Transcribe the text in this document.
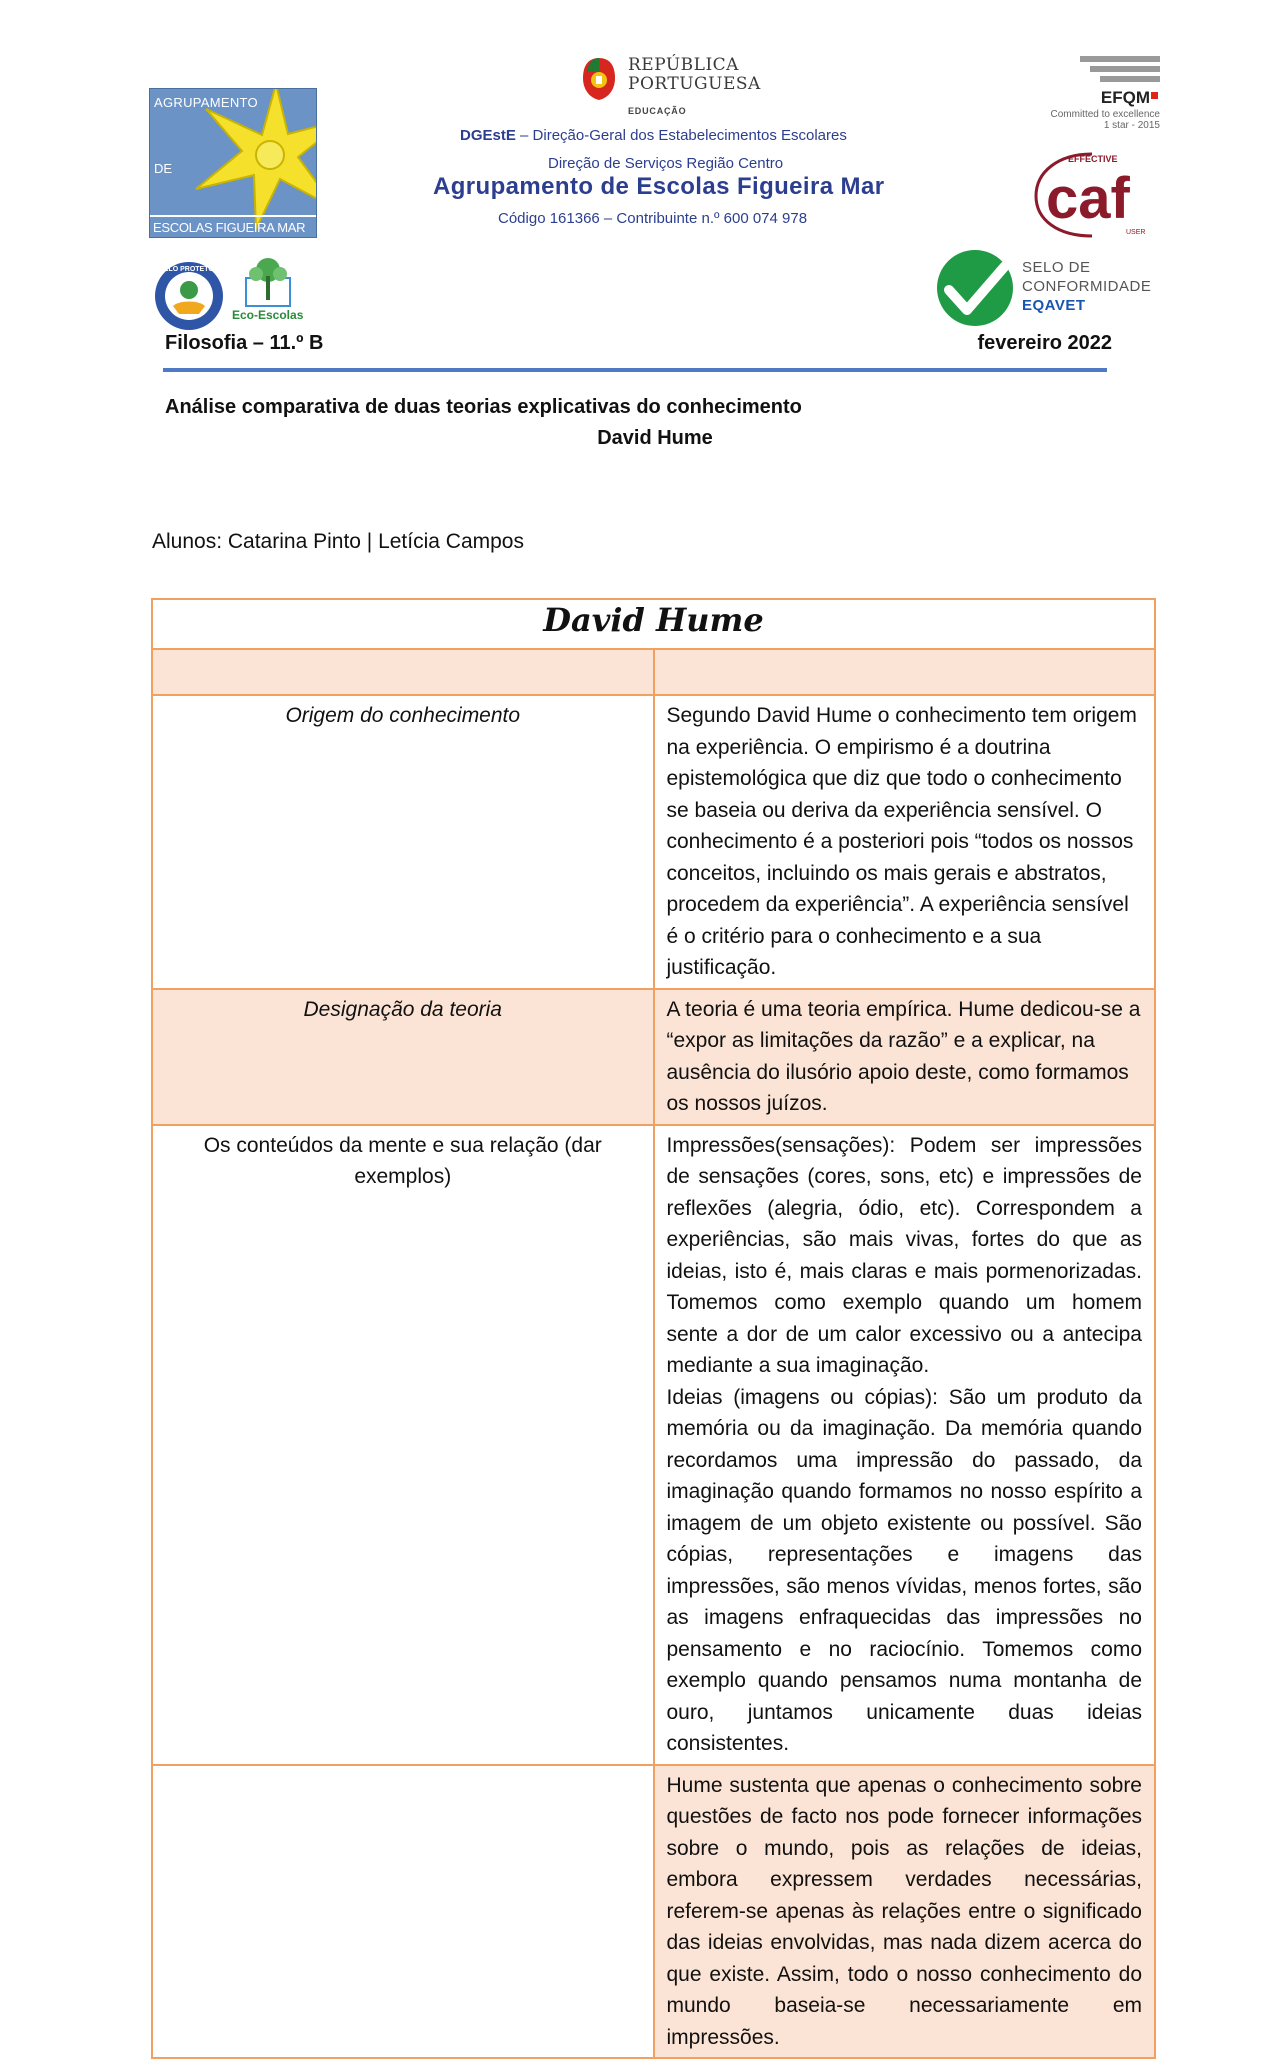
AGRUPAMENTO
DE
ESCOLAS FIGUEIRA MAR
REPÚBLICA
PORTUGUESA
EDUCAÇÃO
DGEstE – Direção-Geral dos Estabelecimentos Escolares
Direção de Serviços Região Centro
Agrupamento de Escolas Figueira Mar
Código 161366 – Contribuinte n.º 600 074 978
EFQM
Committed to excellence
1 star - 2015
EFFECTIVE
caf
USER
SELO PROTETOR
Eco-Escolas
SELO DE
CONFORMIDADE
EQAVET
Filosofia – 11.º B	fevereiro 2022
Análise comparativa de duas teorias explicativas do conhecimento
David Hume
Alunos: Catarina Pinto | Letícia Campos
David Hume	

Origem do conhecimento	Segundo David Hume o conhecimento tem origem na experiência. O empirismo é a doutrina epistemológica que diz que todo o conhecimento se baseia ou deriva da experiência sensível. O conhecimento é a posteriori pois “todos os nossos conceitos, incluindo os mais gerais e abstratos, procedem da experiência”. A experiência sensível é o critério para o conhecimento e a sua justificação.
Designação da teoria	A teoria é uma teoria empírica. Hume dedicou-se a “expor as limitações da razão” e a explicar, na ausência do ilusório apoio deste, como formamos os nossos juízos.
Os conteúdos da mente e sua relação (dar exemplos)	Impressões(sensações): Podem ser impressões de sensações (cores, sons, etc) e impressões de reflexões (alegria, ódio, etc). Correspondem a experiências, são mais vivas, fortes do que as ideias, isto é, mais claras e mais pormenorizadas. Tomemos como exemplo quando um homem sente a dor de um calor excessivo ou a antecipa mediante a sua imaginação.
Ideias (imagens ou cópias): São um produto da memória ou da imaginação. Da memória quando recordamos uma impressão do passado, da imaginação quando formamos no nosso espírito a imagem de um objeto existente ou possível. São cópias, representações e imagens das impressões, são menos vívidas, menos fortes, são as imagens enfraquecidas das impressões no pensamento e no raciocínio. Tomemos como exemplo quando pensamos numa montanha de ouro, juntamos unicamente duas ideias consistentes.

	Hume sustenta que apenas o conhecimento sobre questões de facto nos pode fornecer informações sobre o mundo, pois as relações de ideias, embora expressem verdades necessárias, referem-se apenas às relações entre o significado das ideias envolvidas, mas nada dizem acerca do que existe. Assim, todo o nosso conhecimento do mundo baseia-se necessariamente em impressões.
